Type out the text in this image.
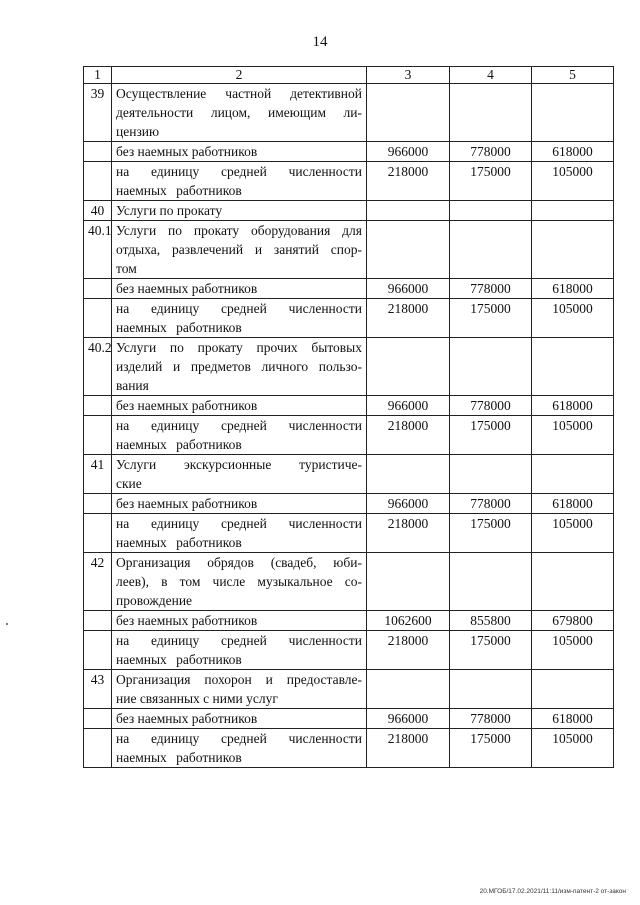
14
1	2	3	4	5
39	Осуществление частной детективной
деятельности лицом, имеющим ли-
цензию			

	без наемных работников	966000	778000	618000
	на единицу средней численности наемных работников	218000	175000	105000
40	Услуги по прокату			
40.1	Услуги по прокату оборудования для
отдыха, развлечений и занятий спор-
том			

	без наемных работников	966000	778000	618000
	на единицу средней численности наемных работников	218000	175000	105000
40.2	Услуги по прокату прочих бытовых
изделий и предметов личного пользо-
вания			

	без наемных работников	966000	778000	618000
	на единицу средней численности наемных работников	218000	175000	105000
41	Услуги экскурсионные туристиче-
ские			

	без наемных работников	966000	778000	618000
	на единицу средней численности наемных работников	218000	175000	105000
42	Организация обрядов (свадеб, юби-
леев), в том числе музыкальное со-
провождение			

	без наемных работников	1062600	855800	679800
	на единицу средней численности наемных работников	218000	175000	105000
43	Организация похорон и предоставле-
ние связанных с ними услуг			

	без наемных работников	966000	778000	618000
	на единицу средней численности наемных работников	218000	175000	105000
20.МГОБ/17.02.2021/11:11/изм-патент-2 от-закон
